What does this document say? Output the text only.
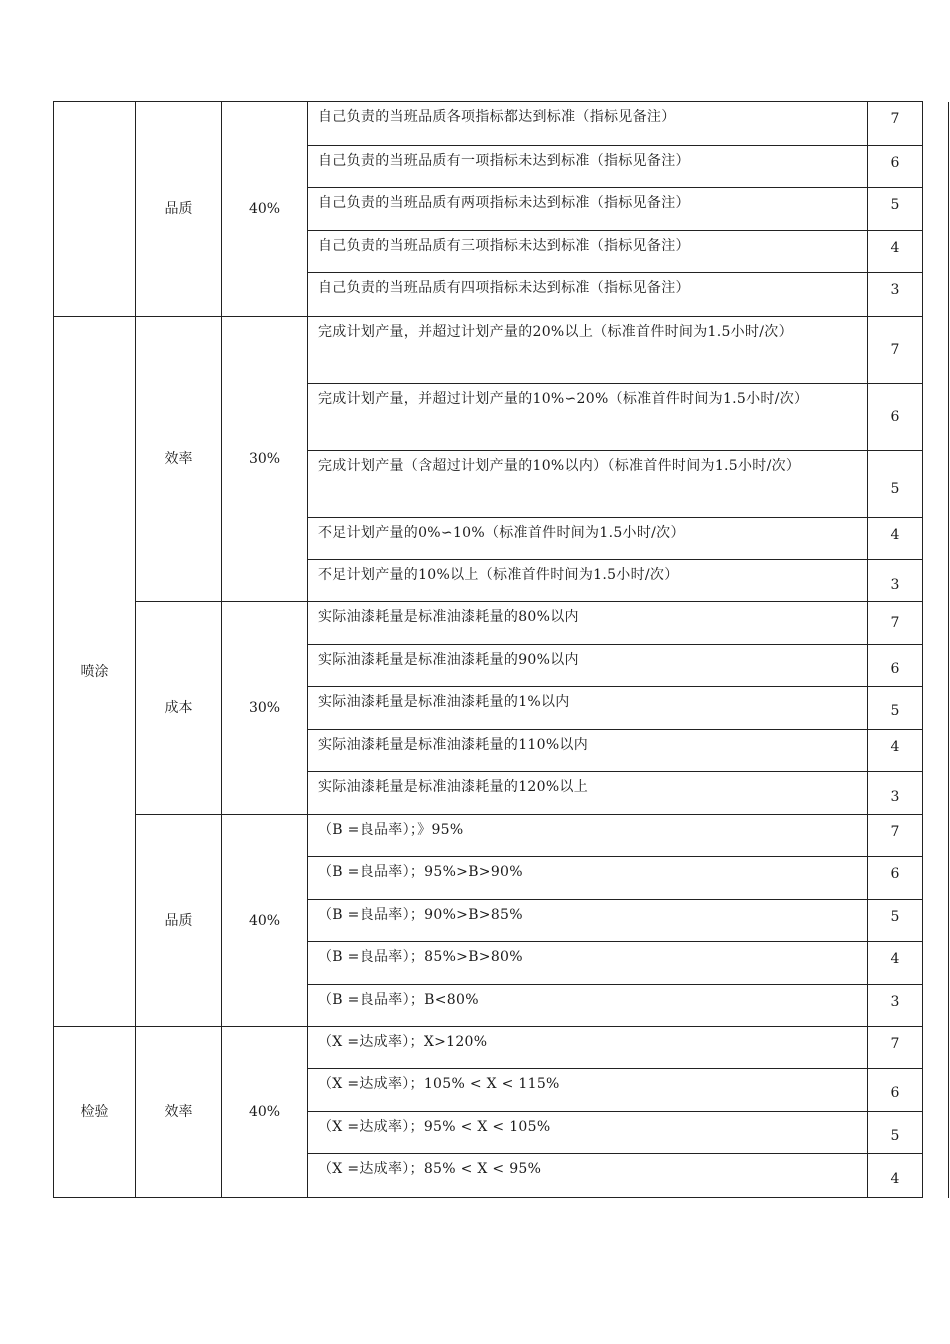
	品质	40%	自己负责的当班品质各项指标都达到标准（指标见备注）	7	
			自己负责的当班品质有一项指标未达到标准（指标见备注）	6	
			自己负责的当班品质有两项指标未达到标准（指标见备注）	5	
			自己负责的当班品质有三项指标未达到标准（指标见备注）	4	
			自己负责的当班品质有四项指标未达到标准（指标见备注）	3	
喷涂	效率	30%	完成计划产量，并超过计划产量的20%以上（标准首件时间为1.5小时/次）	7	
			完成计划产量，并超过计划产量的10%∽20%（标准首件时间为1.5小时/次）	6	
			完成计划产量（含超过计划产量的10%以内）（标准首件时间为1.5小时/次）	5	
			不足计划产量的0%∽10%（标准首件时间为1.5小时/次）	4	
			不足计划产量的10%以上（标准首件时间为1.5小时/次）	3	
	成本	30%	实际油漆耗量是标准油漆耗量的80%以内	7	
			实际油漆耗量是标准油漆耗量的90%以内	6	
			实际油漆耗量是标准油漆耗量的1%以内	5	
			实际油漆耗量是标准油漆耗量的110%以内	4	
			实际油漆耗量是标准油漆耗量的120%以上	3	
	品质	40%	（B =良品率）；》95%	7	
			（B =良品率）；95%>B>90%	6	
			（B =良品率）；90%>B>85%	5	
			（B =良品率）；85%>B>80%	4	
			（B =良品率）；B<80%	3	
检验	效率	40%	（X =达成率）；X>120%	7	
			（X =达成率）；105% < X < 115%	6	
			（X =达成率）；95% < X < 105%	5	
			（X =达成率）；85% < X < 95%	4	
